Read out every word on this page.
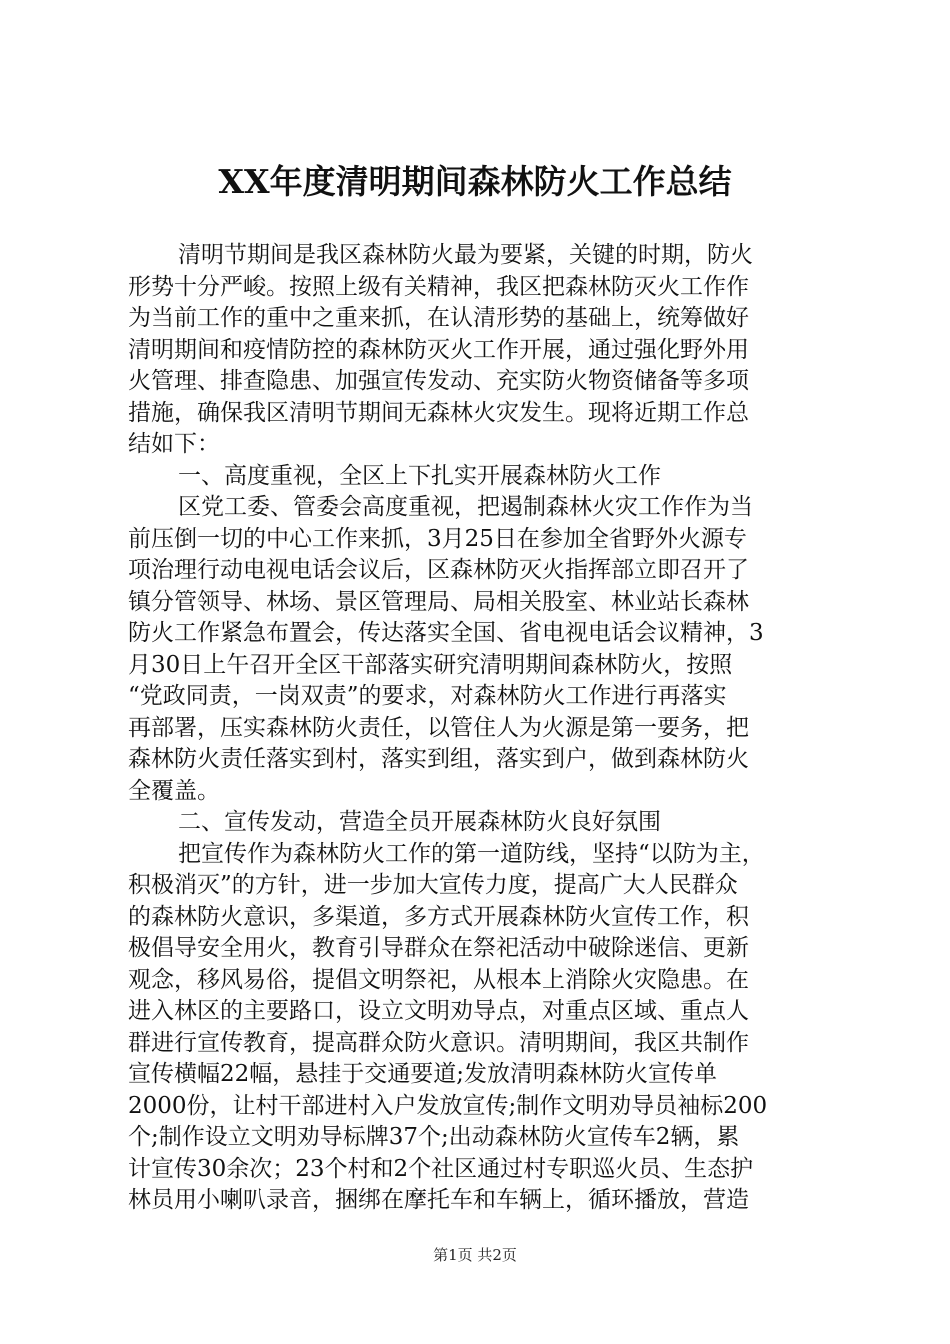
XX年度清明期间森林防火工作总结
清明节期间是我区森林防火最为要紧，关键的时期，防火
形势十分严峻。按照上级有关精神，我区把森林防灭火工作作
为当前工作的重中之重来抓，在认清形势的基础上，统筹做好
清明期间和疫情防控的森林防灭火工作开展，通过强化野外用
火管理、排查隐患、加强宣传发动、充实防火物资储备等多项
措施，确保我区清明节期间无森林火灾发生。现将近期工作总
结如下：
一、高度重视，全区上下扎实开展森林防火工作
区党工委、管委会高度重视，把遏制森林火灾工作作为当
前压倒一切的中心工作来抓，3月25日在参加全省野外火源专
项治理行动电视电话会议后，区森林防灭火指挥部立即召开了
镇分管领导、林场、景区管理局、局相关股室、林业站长森林
防火工作紧急布置会，传达落实全国、省电视电话会议精神，3
月30日上午召开全区干部落实研究清明期间森林防火，按照
“党政同责，一岗双责”的要求，对森林防火工作进行再落实
再部署，压实森林防火责任，以管住人为火源是第一要务，把
森林防火责任落实到村，落实到组，落实到户，做到森林防火
全覆盖。
二、宣传发动，营造全员开展森林防火良好氛围
把宣传作为森林防火工作的第一道防线，坚持“以防为主，
积极消灭”的方针，进一步加大宣传力度，提高广大人民群众
的森林防火意识，多渠道，多方式开展森林防火宣传工作，积
极倡导安全用火，教育引导群众在祭祀活动中破除迷信、更新
观念，移风易俗，提倡文明祭祀，从根本上消除火灾隐患。在
进入林区的主要路口，设立文明劝导点，对重点区域、重点人
群进行宣传教育，提高群众防火意识。清明期间，我区共制作
宣传横幅22幅，悬挂于交通要道;发放清明森林防火宣传单
2000份，让村干部进村入户发放宣传;制作文明劝导员袖标200
个;制作设立文明劝导标牌37个;出动森林防火宣传车2辆，累
计宣传30余次；23个村和2个社区通过村专职巡火员、生态护
林员用小喇叭录音，捆绑在摩托车和车辆上，循环播放，营造
第1页 共2页
